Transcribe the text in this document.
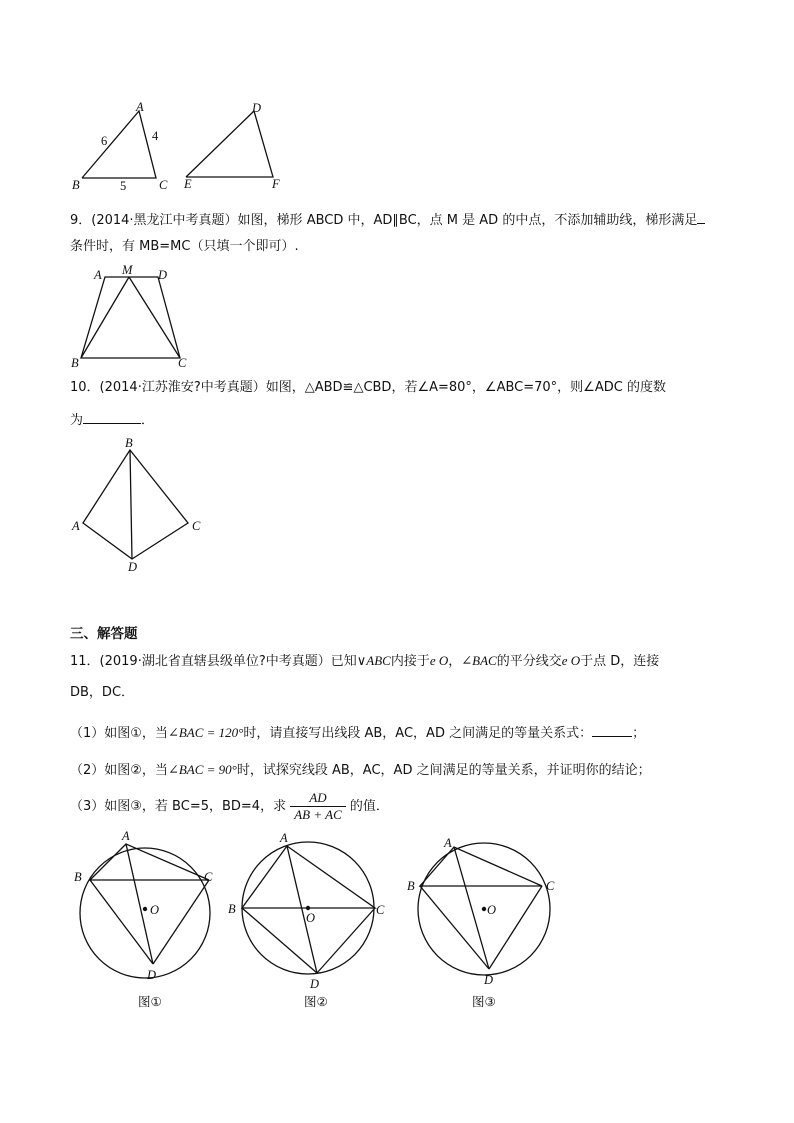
A
B	C
6	4
5
D
E	F
9．(2014·黑龙江中考真题）如图，梯形 ABCD 中，AD∥BC，点 M 是 AD 的中点，不添加辅助线，梯形满足
条件时，有 MB=MC（只填一个即可）.
A M D
B	C
10．(2014·江苏淮安?中考真题）如图，△ABD≌△CBD，若∠A=80°，∠ABC=70°，则∠ADC 的度数
为	．
B
A	C
D
三、解答题
11．(2019·湖北省直辖县级单位?中考真题）已知∨ABC内接于e O，∠BAC的平分线交e O于点 D，连接
DB，DC．
（1）如图①，当∠BAC = 120°时，请直接写出线段 AB，AC，AD 之间满足的等量关系式：	；
（2）如图②，当∠BAC = 90°时，试探究线段 AB，AC，AD 之间满足的等量关系，并证明你的结论；
（3）如图③，若 BC=5，BD=4，求 $\frac{AD}{AB + AC}$ 的值．
A
B	C
D
O
图①
A
B	C
D
O
图②
A
B	C
D
O
图③
